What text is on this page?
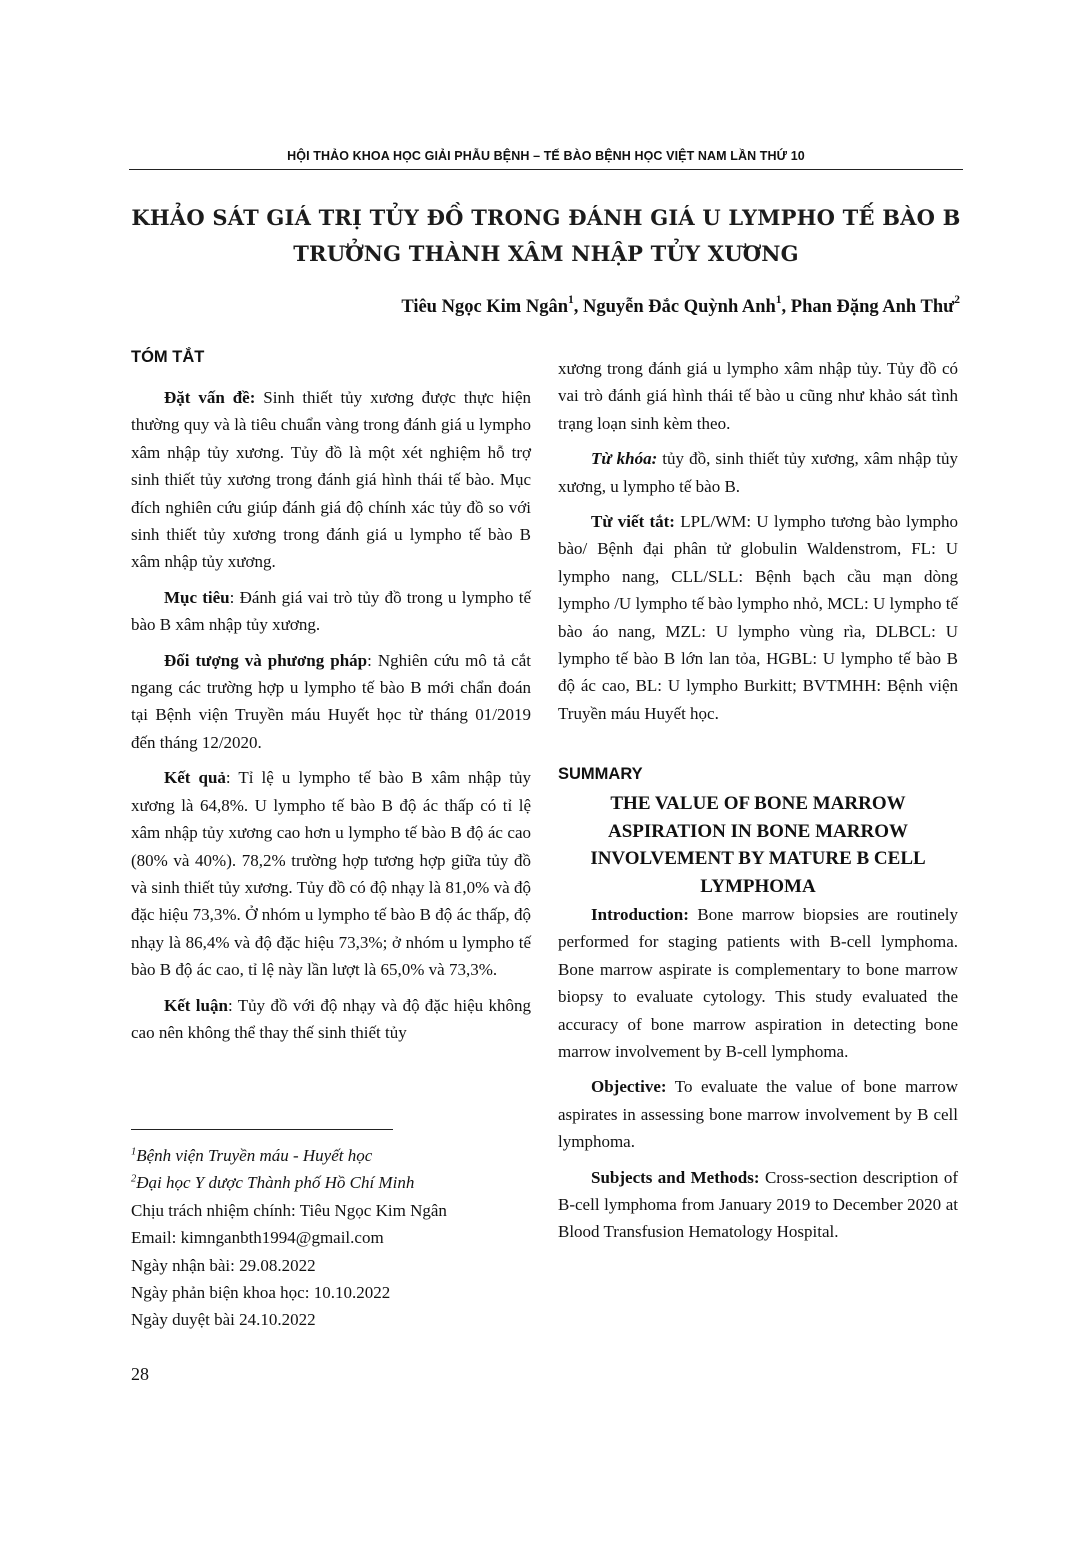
HỘI THẢO KHOA HỌC GIẢI PHẪU BỆNH – TẾ BÀO BỆNH HỌC VIỆT NAM LẦN THỨ 10
KHẢO SÁT GIÁ TRỊ TỦY ĐỒ TRONG ĐÁNH GIÁ U LYMPHO TẾ BÀO B
TRƯỞNG THÀNH XÂM NHẬP TỦY XƯƠNG
Tiêu Ngọc Kim Ngân$^1$, Nguyễn Đắc Quỳnh Anh$^1$, Phan Đặng Anh Thư$^2$
TÓM TẮT

Đặt vấn đề: Sinh thiết tủy xương được thực hiện thường quy và là tiêu chuẩn vàng trong đánh giá u lympho xâm nhập tủy xương. Tủy đồ là một xét nghiệm hỗ trợ sinh thiết tủy xương trong đánh giá hình thái tế bào. Mục đích nghiên cứu giúp đánh giá độ chính xác tủy đồ so với sinh thiết tủy xương trong đánh giá u lympho tế bào B xâm nhập tủy xương.

Mục tiêu: Đánh giá vai trò tủy đồ trong u lympho tế bào B xâm nhập tủy xương.

Đối tượng và phương pháp: Nghiên cứu mô tả cắt ngang các trường hợp u lympho tế bào B mới chẩn đoán tại Bệnh viện Truyền máu Huyết học từ tháng 01/2019 đến tháng 12/2020.

Kết quả: Tỉ lệ u lympho tế bào B xâm nhập tủy xương là 64,8%. U lympho tế bào B độ ác thấp có tỉ lệ xâm nhập tủy xương cao hơn u lympho tế bào B độ ác cao (80% và 40%). 78,2% trường hợp tương hợp giữa tủy đồ và sinh thiết tủy xương. Tủy đồ có độ nhạy là 81,0% và độ đặc hiệu 73,3%. Ở nhóm u lympho tế bào B độ ác thấp, độ nhạy là 86,4% và độ đặc hiệu 73,3%; ở nhóm u lympho tế bào B độ ác cao, tỉ lệ này lần lượt là 65,0% và 73,3%.

Kết luận: Tủy đồ với độ nhạy và độ đặc hiệu không cao nên không thể thay thế sinh thiết tủy

xương trong đánh giá u lympho xâm nhập tủy. Tủy đồ có vai trò đánh giá hình thái tế bào u cũng như khảo sát tình trạng loạn sinh kèm theo.

Từ khóa: tủy đồ, sinh thiết tủy xương, xâm nhập tủy xương, u lympho tế bào B.

Từ viết tắt: LPL/WM: U lympho tương bào lympho bào/ Bệnh đại phân tử globulin Waldenstrom, FL: U lympho nang, CLL/SLL: Bệnh bạch cầu mạn dòng lympho /U lympho tế bào lympho nhỏ, MCL: U lympho tế bào áo nang, MZL: U lympho vùng rìa, DLBCL: U lympho tế bào B lớn lan tỏa, HGBL: U lympho tế bào B độ ác cao, BL: U lympho Burkitt; BVTMHH: Bệnh viện Truyền máu Huyết học.

SUMMARY
THE VALUE OF BONE MARROW
ASPIRATION IN BONE MARROW
INVOLVEMENT BY MATURE B CELL
LYMPHOMA

Introduction: Bone marrow biopsies are routinely performed for staging patients with B-cell lymphoma. Bone marrow aspirate is complementary to bone marrow biopsy to evaluate cytology. This study evaluated the accuracy of bone marrow aspiration in detecting bone marrow involvement by B-cell lymphoma.

Objective: To evaluate the value of bone marrow aspirates in assessing bone marrow involvement by B cell lymphoma.

Subjects and Methods: Cross-section description of B-cell lymphoma from January 2019 to December 2020 at Blood Transfusion Hematology Hospital.

$^1$Bệnh viện Truyền máu - Huyết học
$^2$Đại học Y dược Thành phố Hồ Chí Minh
Chịu trách nhiệm chính: Tiêu Ngọc Kim Ngân
Email: kimnganbth1994@gmail.com
Ngày nhận bài: 29.08.2022
Ngày phản biện khoa học: 10.10.2022
Ngày duyệt bài 24.10.2022
28
